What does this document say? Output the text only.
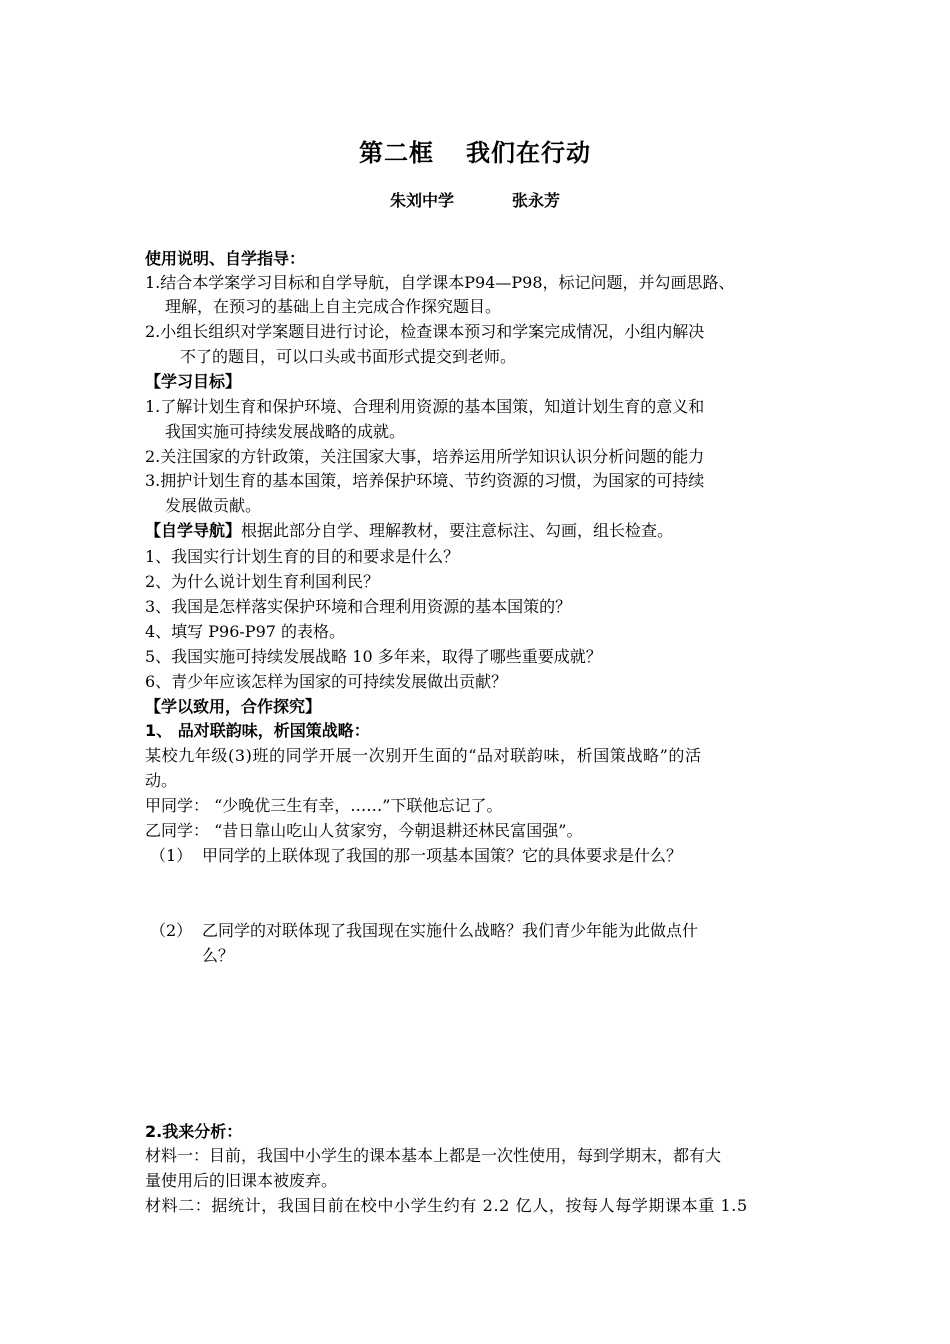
第二框 我们在行动
朱刘中学	张永芳
使用说明、自学指导：
1.结合本学案学习目标和自学导航，自学课本P94—P98，标记问题，并勾画思路、
理解，在预习的基础上自主完成合作探究题目。
2.小组长组织对学案题目进行讨论，检查课本预习和学案完成情况，小组内解决
不了的题目，可以口头或书面形式提交到老师。
【学习目标】
1.了解计划生育和保护环境、合理利用资源的基本国策，知道计划生育的意义和
我国实施可持续发展战略的成就。
2.关注国家的方针政策，关注国家大事，培养运用所学知识认识分析问题的能力
3.拥护计划生育的基本国策，培养保护环境、节约资源的习惯，为国家的可持续
发展做贡献。
【自学导航】根据此部分自学、理解教材，要注意标注、勾画，组长检查。
1、我国实行计划生育的目的和要求是什么？
2、为什么说计划生育利国利民？
3、我国是怎样落实保护环境和合理利用资源的基本国策的？
4、填写 P96-P97 的表格。
5、我国实施可持续发展战略 10 多年来，取得了哪些重要成就？
6、青少年应该怎样为国家的可持续发展做出贡献？
【学以致用，合作探究】
1、 品对联韵味，析国策战略：
某校九年级(3)班的同学开展一次别开生面的“品对联韵味，析国策战略”的活
动。
甲同学： “少晚优三生有幸，……”下联他忘记了。
乙同学： “昔日靠山吃山人贫家穷，今朝退耕还林民富国强”。
（1） 甲同学的上联体现了我国的那一项基本国策？它的具体要求是什么？
（2） 乙同学的对联体现了我国现在实施什么战略？我们青少年能为此做点什
么？
2.我来分析：
材料一：目前，我国中小学生的课本基本上都是一次性使用，每到学期末，都有大
量使用后的旧课本被废弃。
材料二：据统计，我国目前在校中小学生约有 2.2 亿人，按每人每学期课本重 1.5
